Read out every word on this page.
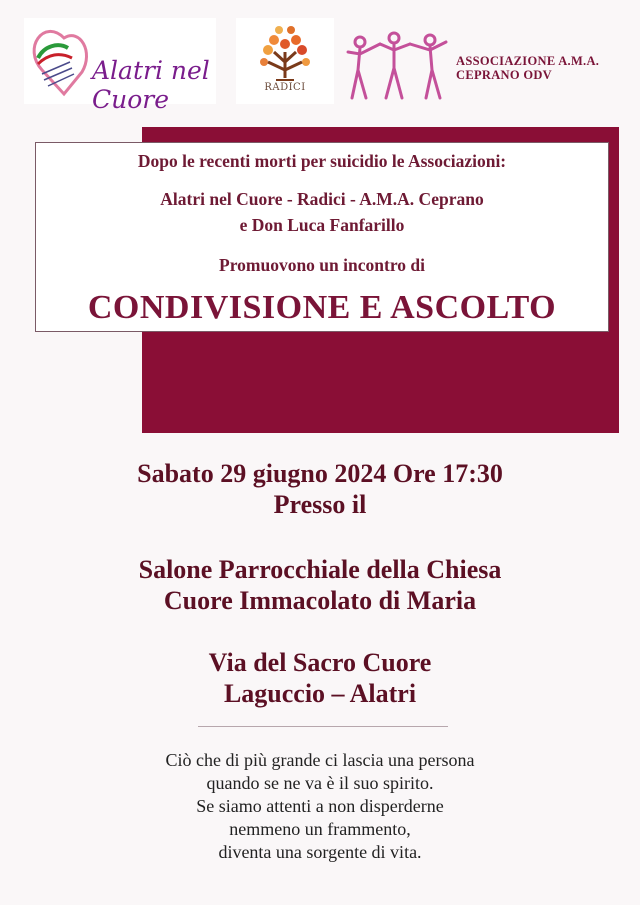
Alatri nel Cuore	RADICI
ASSOCIAZIONE A.M.A.
CEPRANO ODV
Dopo le recenti morti per suicidio le Associazioni:
Alatri nel Cuore - Radici - A.M.A. Ceprano
e Don Luca Fanfarillo
Promuovono un incontro di
CONDIVISIONE E ASCOLTO
Sabato 29 giugno 2024 Ore 17:30
Presso il
Salone Parrocchiale della Chiesa
Cuore Immacolato di Maria
Via del Sacro Cuore
Laguccio – Alatri
Ciò che di più grande ci lascia una persona
quando se ne va è il suo spirito.
Se siamo attenti a non disperderne
nemmeno un frammento,
diventa una sorgente di vita.
